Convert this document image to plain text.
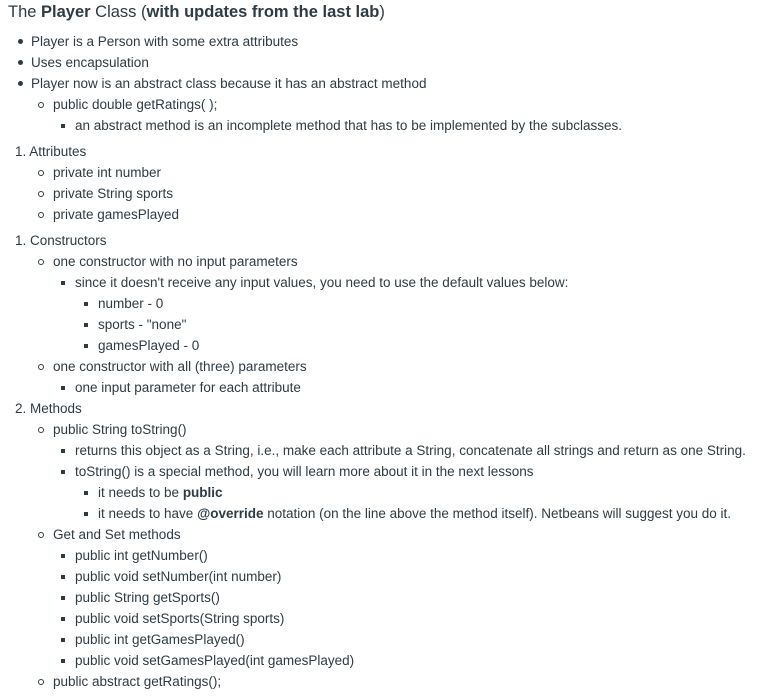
The Player Class (with updates from the last lab)
Player is a Person with some extra attributes
Uses encapsulation
Player now is an abstract class because it has an abstract method
public double getRatings( );
an abstract method is an incomplete method that has to be implemented by the subclasses.
1. Attributes
private int number
private String sports
private gamesPlayed
1. Constructors
one constructor with no input parameters
since it doesn't receive any input values, you need to use the default values below:
number - 0
sports - "none"
gamesPlayed - 0
one constructor with all (three) parameters
one input parameter for each attribute
2. Methods
public String toString()
returns this object as a String, i.e., make each attribute a String, concatenate all strings and return as one String.
toString() is a special method, you will learn more about it in the next lessons
it needs to be public
it needs to have @override notation (on the line above the method itself). Netbeans will suggest you do it.
Get and Set methods
public int getNumber()
public void setNumber(int number)
public String getSports()
public void setSports(String sports)
public int getGamesPlayed()
public void setGamesPlayed(int gamesPlayed)
public abstract getRatings();
